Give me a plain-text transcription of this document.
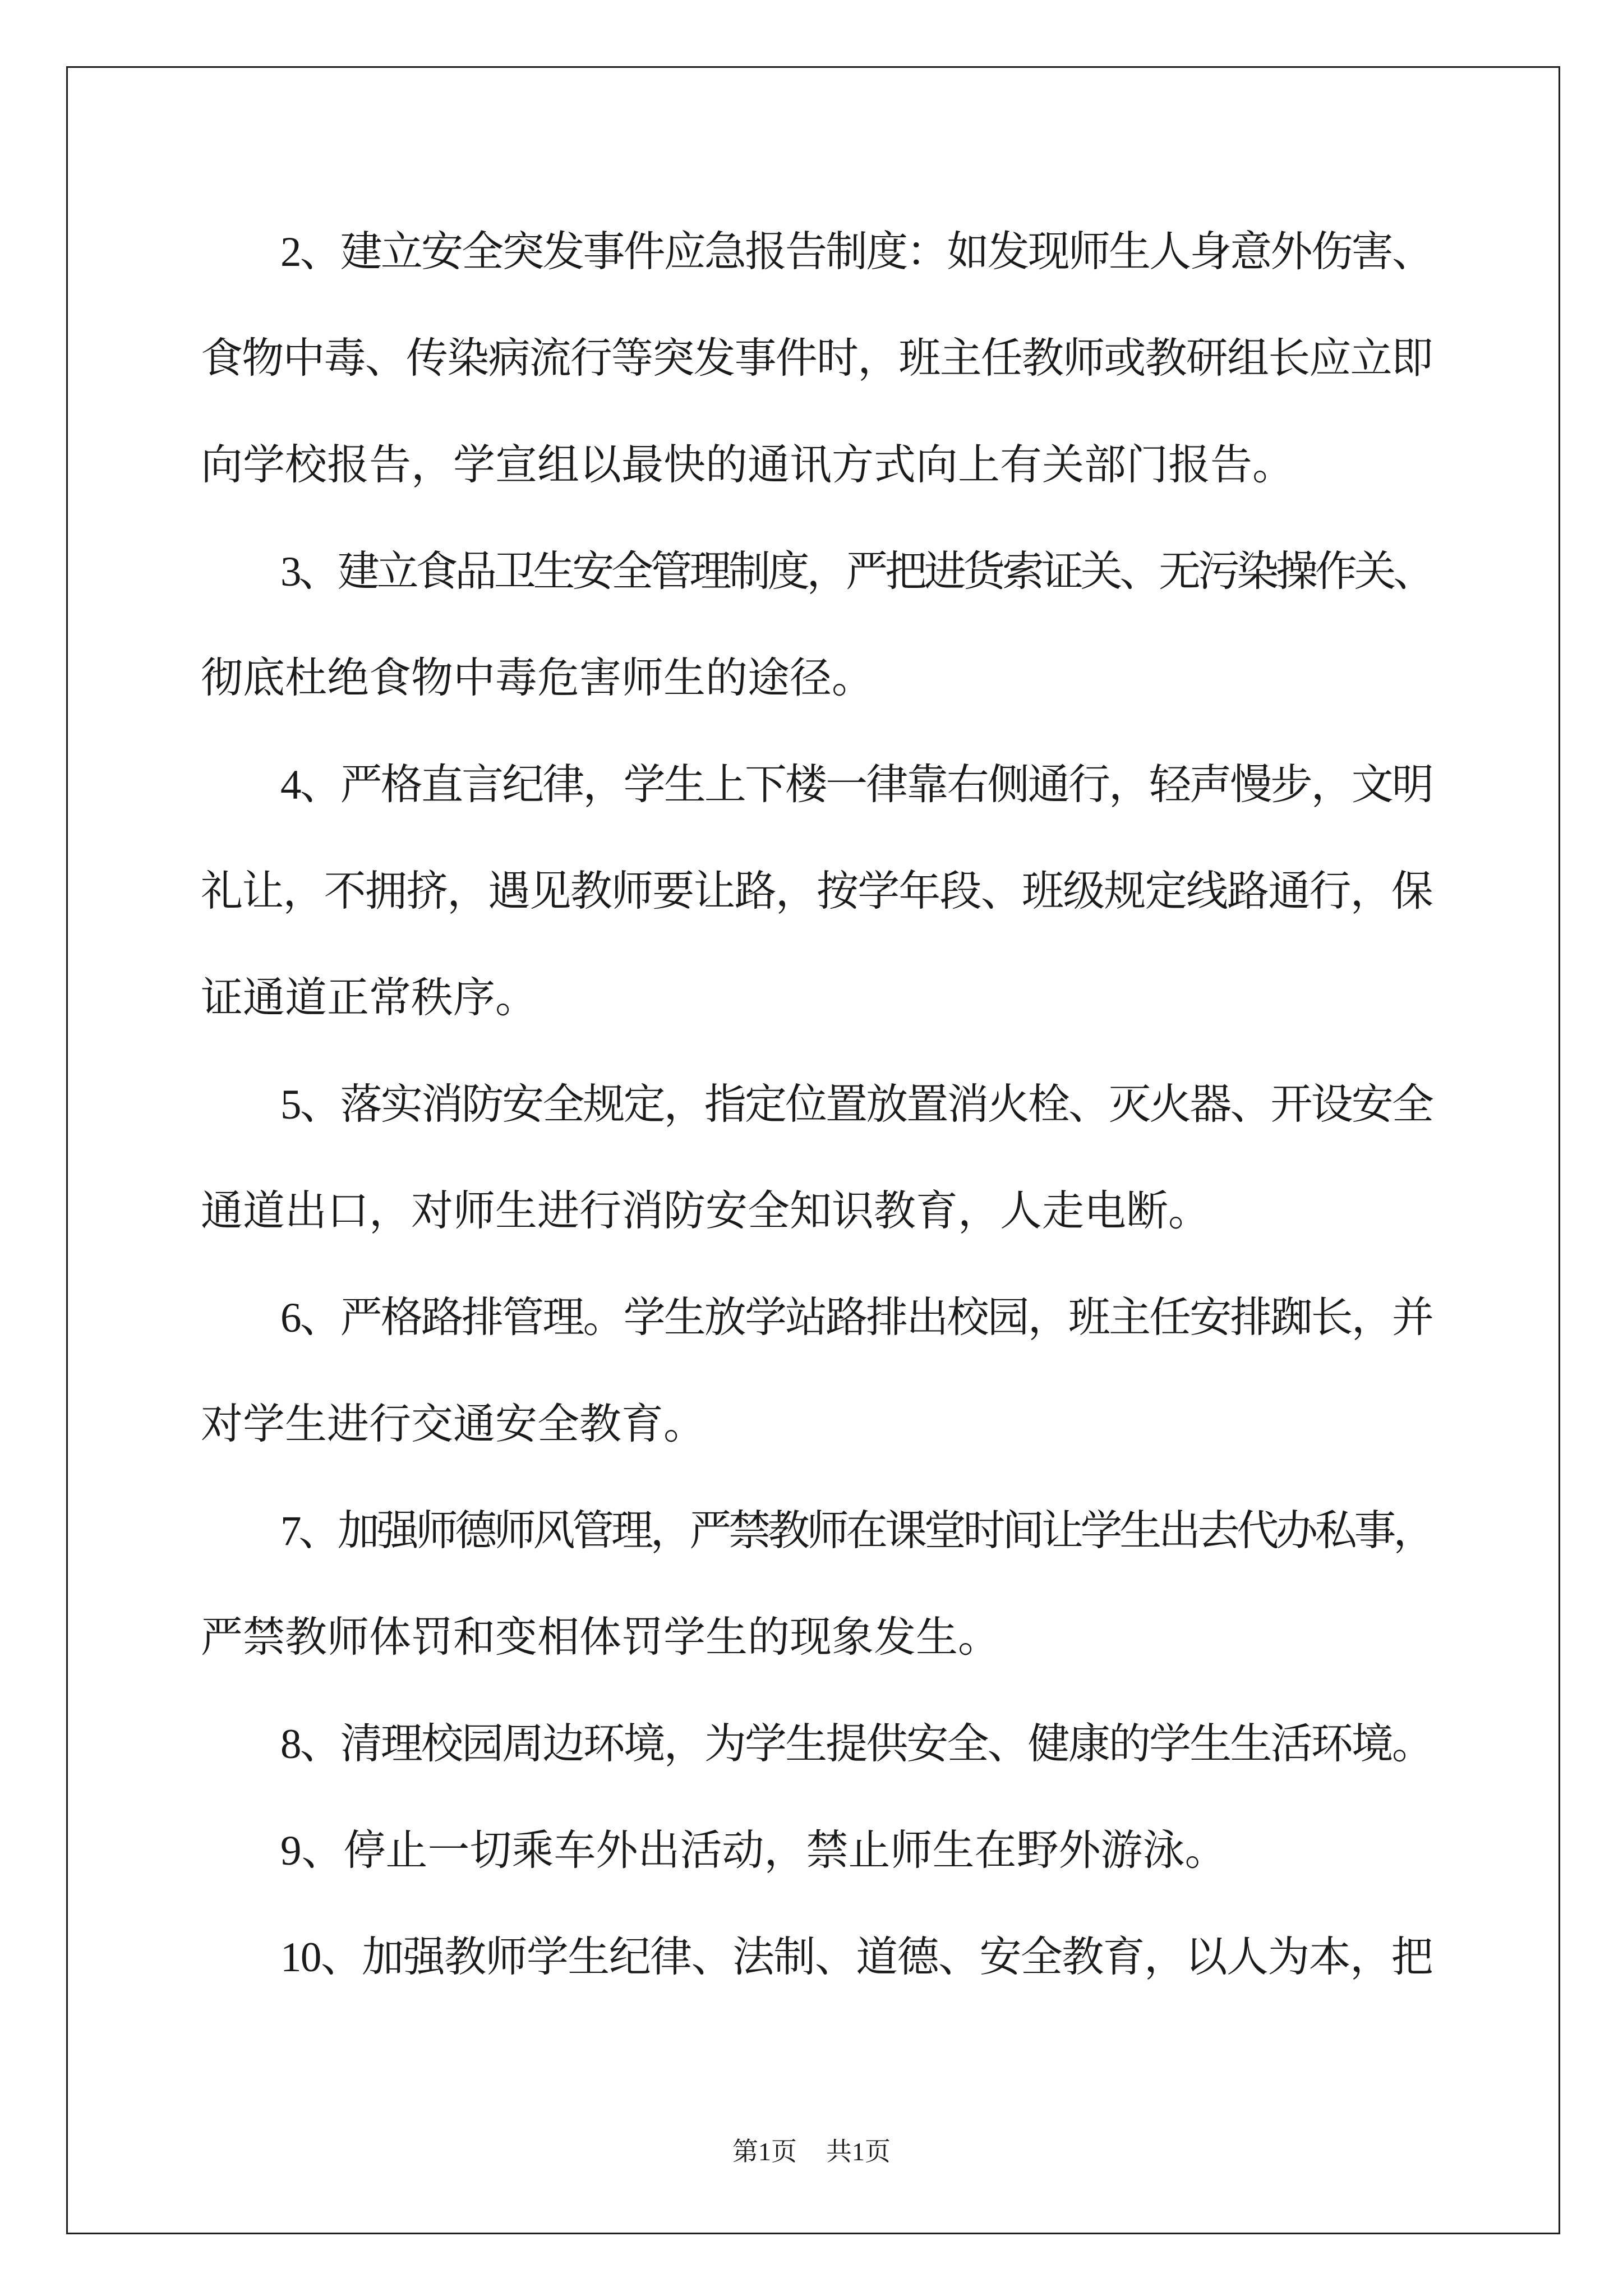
2、建立安全突发事件应急报告制度：如发现师生人身意外伤害、
食物中毒、传染病流行等突发事件时，班主任教师或教研组长应立即
向学校报告，学宣组以最快的通讯方式向上有关部门报告。
3、建立食品卫生安全管理制度，严把进货索证关、无污染操作关、
彻底杜绝食物中毒危害师生的途径。
4、严格直言纪律，学生上下楼一律靠右侧通行，轻声慢步，文明
礼让，不拥挤，遇见教师要让路，按学年段、班级规定线路通行，保
证通道正常秩序。
5、落实消防安全规定，指定位置放置消火栓、灭火器、开设安全
通道出口，对师生进行消防安全知识教育，人走电断。
6、严格路排管理。学生放学站路排出校园，班主任安排踟长，并
对学生进行交通安全教育。
7、加强师德师风管理，严禁教师在课堂时间让学生出去代办私事，
严禁教师体罚和变相体罚学生的现象发生。
8、清理校园周边环境，为学生提供安全、健康的学生生活环境。
9、停止一切乘车外出活动，禁止师生在野外游泳。
10、加强教师学生纪律、法制、道德、安全教育，以人为本，把
第1页 共1页
